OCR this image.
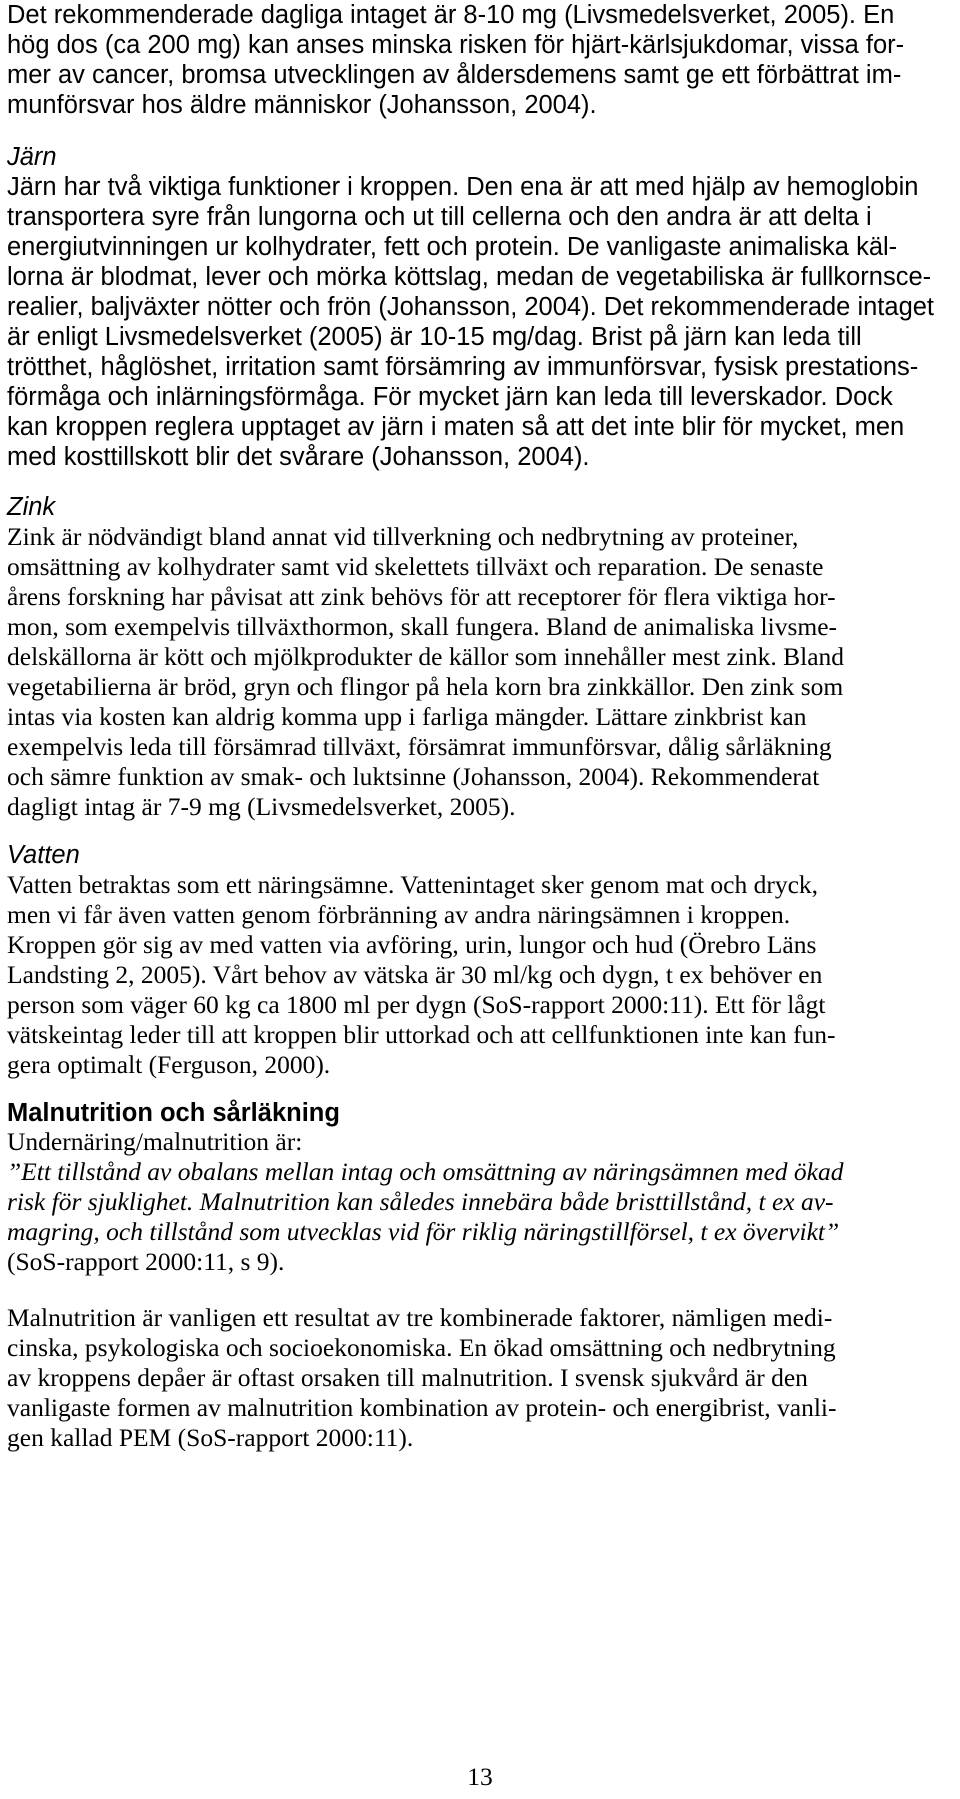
Det rekommenderade dagliga intaget är 8-10 mg (Livsmedelsverket, 2005). En
hög dos (ca 200 mg) kan anses minska risken för hjärt-kärlsjukdomar, vissa for-
mer av cancer, bromsa utvecklingen av åldersdemens samt ge ett förbättrat im-
munförsvar hos äldre människor (Johansson, 2004).
Järn
Järn har två viktiga funktioner i kroppen. Den ena är att med hjälp av hemoglobin
transportera syre från lungorna och ut till cellerna och den andra är att delta i
energiutvinningen ur kolhydrater, fett och protein. De vanligaste animaliska käl-
lorna är blodmat, lever och mörka köttslag, medan de vegetabiliska är fullkornsce-
realier, baljväxter nötter och frön (Johansson, 2004). Det rekommenderade intaget
är enligt Livsmedelsverket (2005) är 10-15 mg/dag. Brist på järn kan leda till
trötthet, håglöshet, irritation samt försämring av immunförsvar, fysisk prestations-
förmåga och inlärningsförmåga. För mycket järn kan leda till leverskador. Dock
kan kroppen reglera upptaget av järn i maten så att det inte blir för mycket, men
med kosttillskott blir det svårare (Johansson, 2004).
Zink
Zink är nödvändigt bland annat vid tillverkning och nedbrytning av proteiner,
omsättning av kolhydrater samt vid skelettets tillväxt och reparation. De senaste
årens forskning har påvisat att zink behövs för att receptorer för flera viktiga hor-
mon, som exempelvis tillväxthormon, skall fungera. Bland de animaliska livsme-
delskällorna är kött och mjölkprodukter de källor som innehåller mest zink. Bland
vegetabilierna är bröd, gryn och flingor på hela korn bra zinkkällor. Den zink som
intas via kosten kan aldrig komma upp i farliga mängder. Lättare zinkbrist kan
exempelvis leda till försämrad tillväxt, försämrat immunförsvar, dålig sårläkning
och sämre funktion av smak- och luktsinne (Johansson, 2004). Rekommenderat
dagligt intag är 7-9 mg (Livsmedelsverket, 2005).
Vatten
Vatten betraktas som ett näringsämne. Vattenintaget sker genom mat och dryck,
men vi får även vatten genom förbränning av andra näringsämnen i kroppen.
Kroppen gör sig av med vatten via avföring, urin, lungor och hud (Örebro Läns
Landsting 2, 2005). Vårt behov av vätska är 30 ml/kg och dygn, t ex behöver en
person som väger 60 kg ca 1800 ml per dygn (SoS-rapport 2000:11). Ett för lågt
vätskeintag leder till att kroppen blir uttorkad och att cellfunktionen inte kan fun-
gera optimalt (Ferguson, 2000).
Malnutrition och sårläkning
Undernäring/malnutrition är:
”Ett tillstånd av obalans mellan intag och omsättning av näringsämnen med ökad
risk för sjuklighet. Malnutrition kan således innebära både bristtillstånd, t ex av-
magring, och tillstånd som utvecklas vid för riklig näringstillförsel, t ex övervikt”
(SoS-rapport 2000:11, s 9).
Malnutrition är vanligen ett resultat av tre kombinerade faktorer, nämligen medi-
cinska, psykologiska och socioekonomiska. En ökad omsättning och nedbrytning
av kroppens depåer är oftast orsaken till malnutrition. I svensk sjukvård är den
vanligaste formen av malnutrition kombination av protein- och energibrist, vanli-
gen kallad PEM (SoS-rapport 2000:11).
13
